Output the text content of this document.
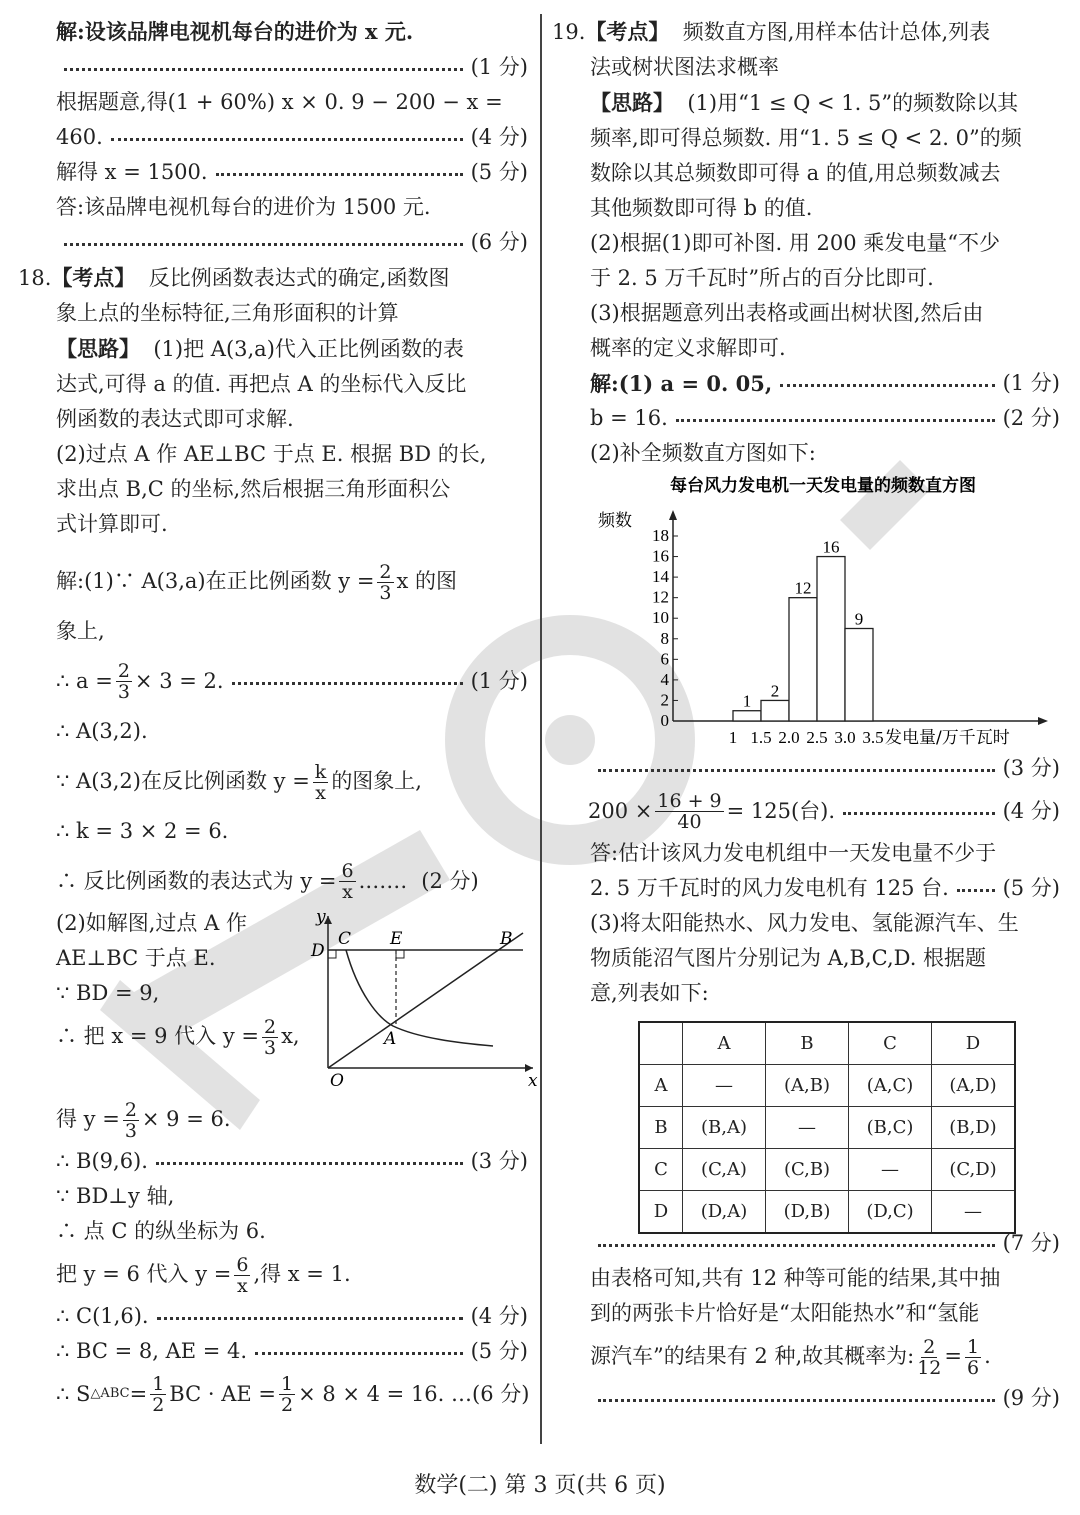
解:设该品牌电视机每台的进价为 x 元.
(1 分)
根据题意,得(1 + 60%) x × 0. 9 − 200 − x =
460.	(4 分)
解得 x = 1500.	(5 分)
答:该品牌电视机每台的进价为 1500 元.
(6 分)
18.【考点】 反比例函数表达式的确定,函数图
象上点的坐标特征,三角形面积的计算
【思路】 (1)把 A(3,a)代入正比例函数的表
达式,可得 a 的值. 再把点 A 的坐标代入反比
例函数的表达式即可求解.
(2)过点 A 作 AE⊥BC 于点 E. 根据 BD 的长,
求出点 B,C 的坐标,然后根据三角形面积公
式计算即可.
解:(1)∵ A(3,a)在正比例函数 $y = \frac{2}{3}$ x 的图
象上,
∴ $a = \frac{2}{3} \times 3 = 2$.	(1 分)
∴ A(3,2).
∵ A(3,2)在反比例函数 $y = \frac{k}{x}$ 的图象上,
∴ k = 3 × 2 = 6.
∴ 反比例函数的表达式为 $y = \frac{6}{x}$ .…… (2 分)
(2)如解图,过点 A 作
AE⊥BC 于点 E.
∵ BD = 9,
∴ 把 x = 9 代入 $y = \frac{2}{3} x$,
y
x
O
D
C E	B
A
得 $y = \frac{2}{3} \times 9 = 6$.
∴ B(9,6).	(3 分)
∵ BD⊥y 轴,
∴ 点 C 的纵坐标为 6.
把 y = 6 代入 $y = \frac{6}{x}$ ,得 x = 1.
∴ C(1,6).	(4 分)
∴ BC = 8, AE = 4.	(5 分)
∴ S △ABC = $\frac{1}{2}$ BC · AE = $\frac{1}{2} \times 8 \times 4 = 16$. … (6 分)
19.【考点】 频数直方图,用样本估计总体,列表
法或树状图法求概率
【思路】 (1)用“1 ≤ Q < 1. 5”的频数除以其
频率,即可得总频数. 用“1. 5 ≤ Q < 2. 0”的频
数除以其总频数即可得 a 的值,用总频数减去
其他频数即可得 b 的值.
(2)根据(1)即可补图. 用 200 乘发电量“不少
于 2. 5 万千瓦时”所占的百分比即可.
(3)根据题意列出表格或画出树状图,然后由
概率的定义求解即可.
解:(1) a = 0. 05,	(1 分)
b = 16.	(2 分)
(2)补全频数直方图如下:
每台风力发电机一天发电量的频数直方图
频数
0
2
4
6
8
10
12
14
16
18
1 1.5 2.0 2.5 3.0 3.5
1
2
12
16
9
发电量/万千瓦时
(3 分)
$200 \times \frac{16 + 9}{40} = 125$(台).	(4 分)
答:估计该风力发电机组中一天发电量不少于
2. 5 万千瓦时的风力发电机有 125 台.	(5 分)
(3)将太阳能热水、风力发电、氢能源汽车、生
物质能沼气图片分别记为 A,B,C,D. 根据题
意,列表如下:
	A	B	C	D
A	—	(A,B)	(A,C)	(A,D)
B	(B,A)	—	(B,C)	(B,D)
C	(C,A)	(C,B)	—	(C,D)
D	(D,A)	(D,B)	(D,C)	—
(7 分)
由表格可知,共有 12 种等可能的结果,其中抽
到的两张卡片恰好是“太阳能热水”和“氢能
源汽车”的结果有 2 种,故其概率为: $\frac{2}{12} = \frac{1}{6}$ .
(9 分)
数学(二) 第 3 页(共 6 页)
